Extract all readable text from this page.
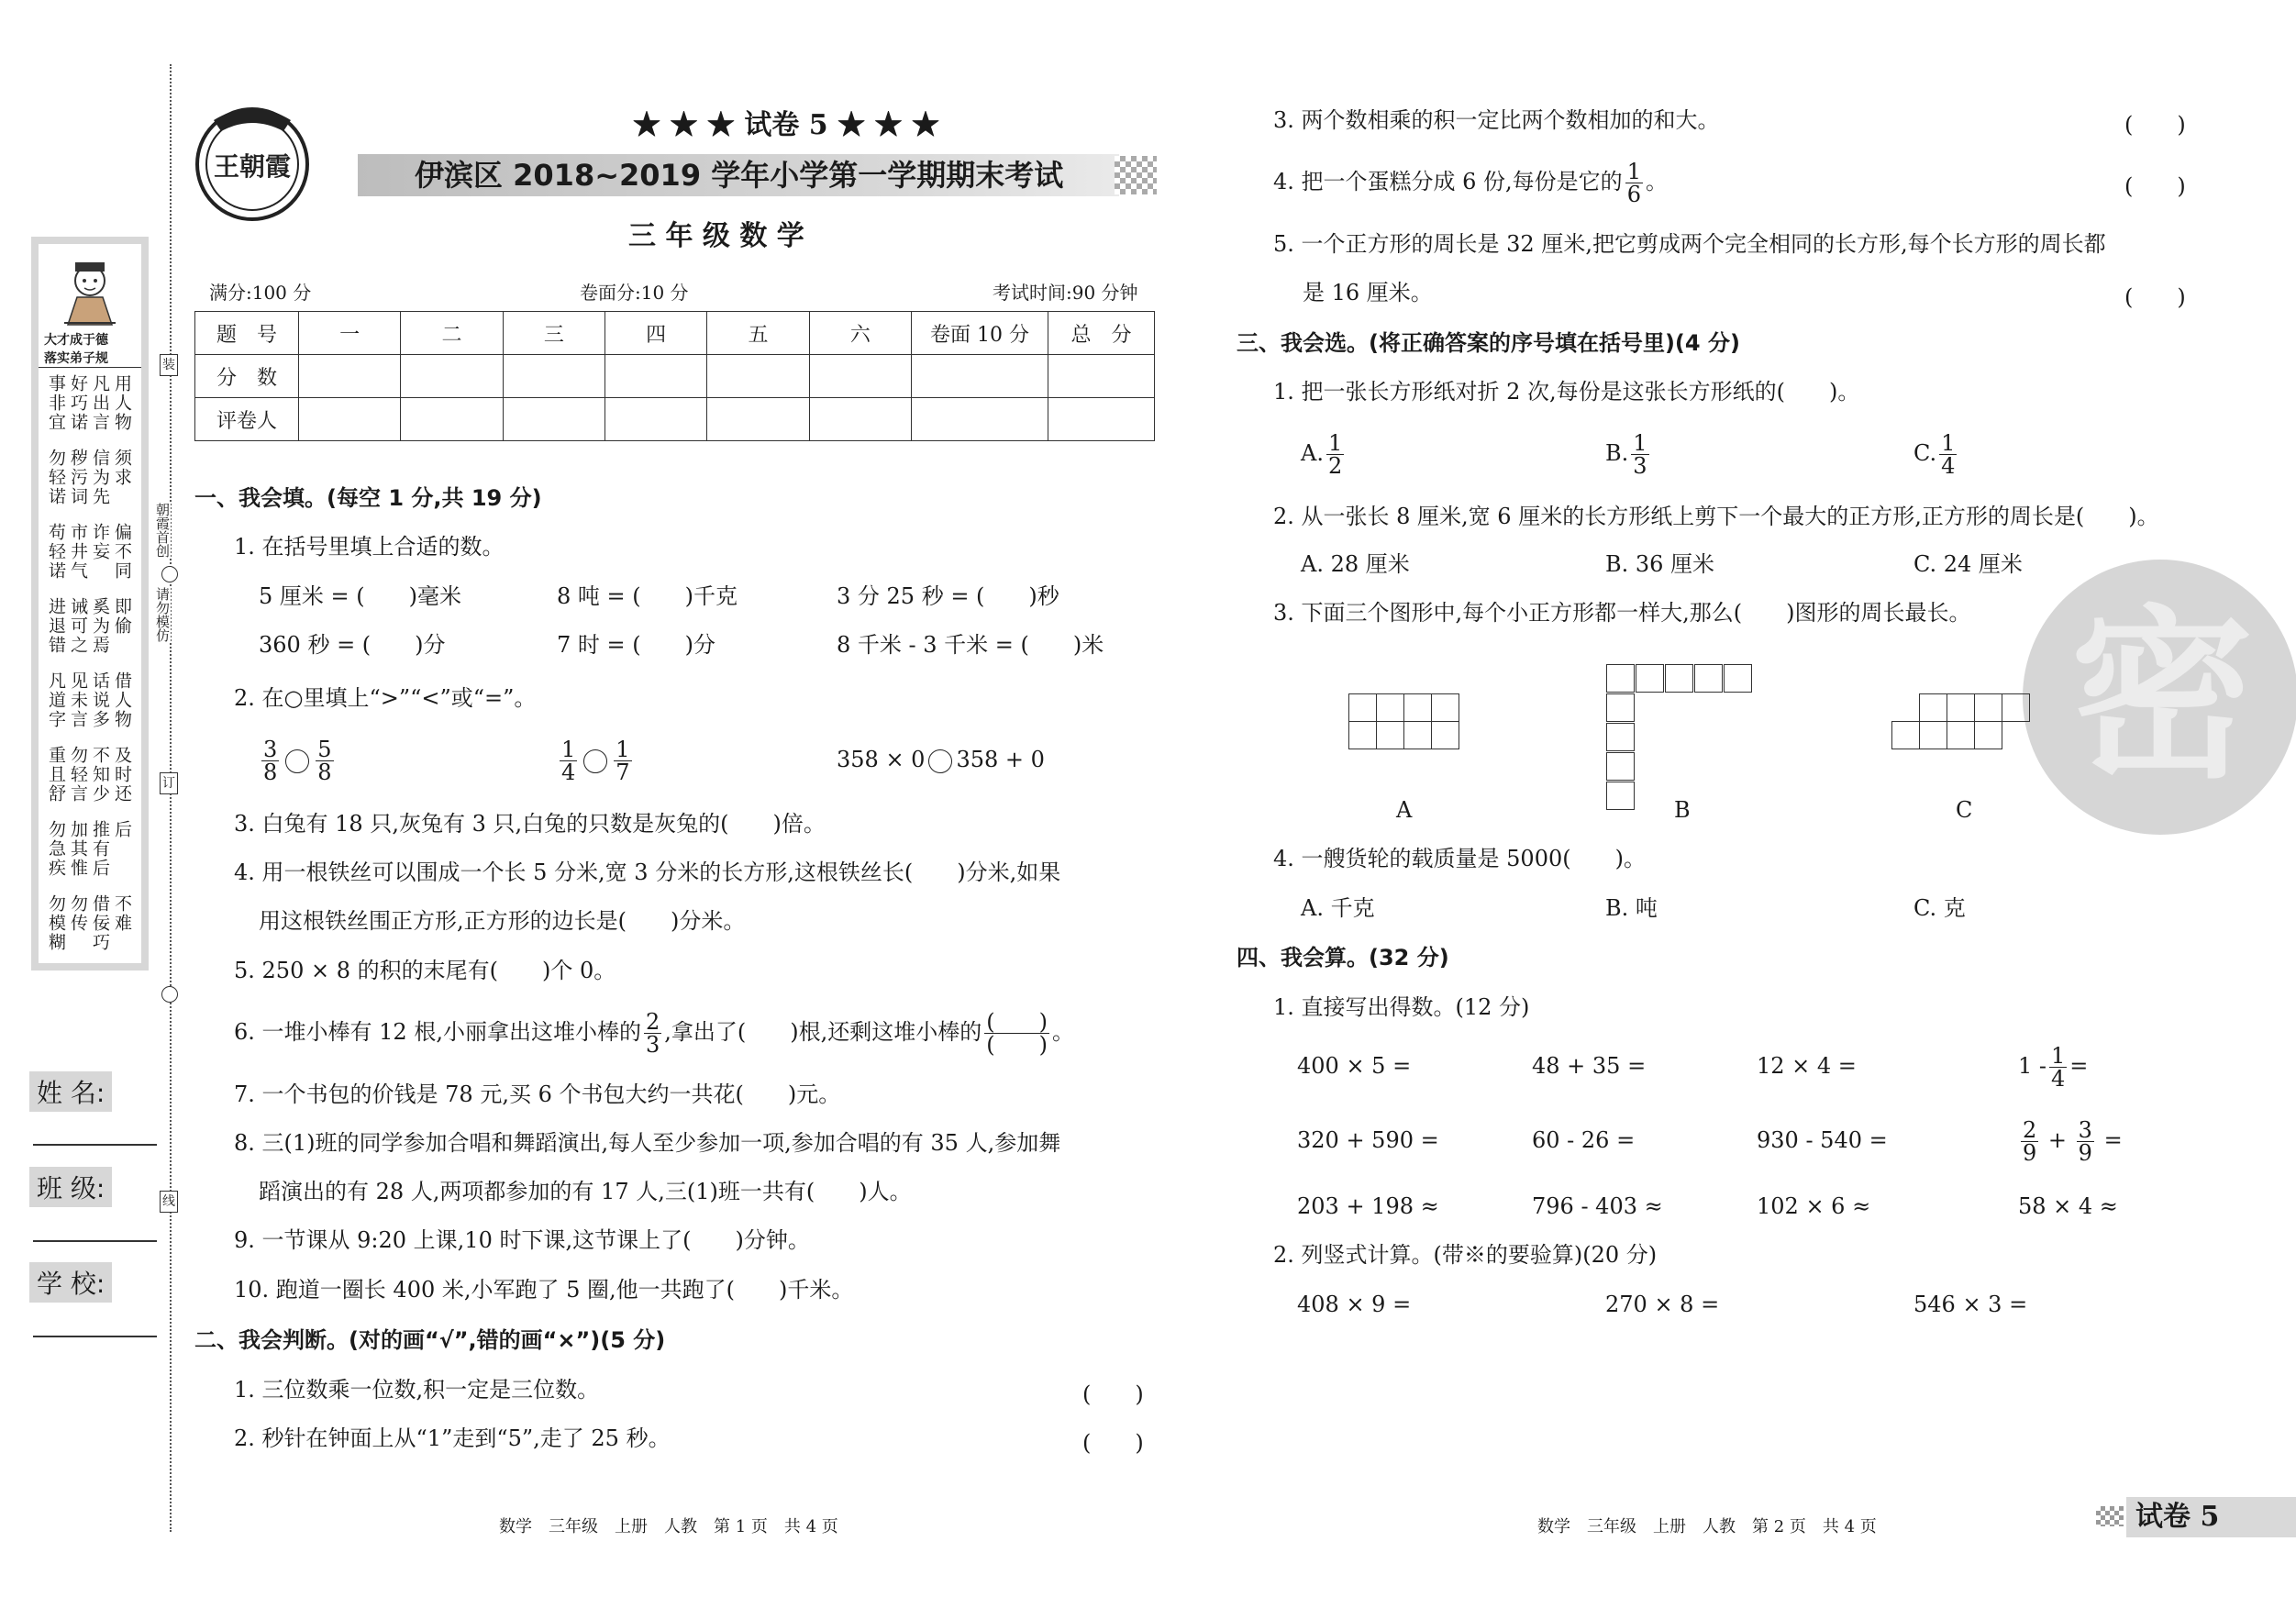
大才成于德
落实弟子规
事非宜 好巧诺 凡出言 用人物
勿轻诺 秽污词 信为先 须求
苟轻诺 市井气 诈妄 偏不同
进退错 诫可之 奚为焉 即偷
凡道字 见未言 话说多 借人物
重且舒 勿轻言 不知少 及时还
勿急疾 加其惟 推有后 后
勿模糊 勿传 借佞巧 不难
朝霞首创
请勿模仿
装
订
线
姓 名:
班 级:
学 校:
王朝霞
★ ★ ★ 试卷 5 ★ ★ ★
伊滨区 2018~2019 学年小学第一学期期末考试
三 年 级 数 学
满分:100 分	卷面分:10 分	考试时间:90 分钟
题　号	一	二	三	四	五	六	卷面 10 分	总　分
分　数								
评卷人								
一、我会填。(每空 1 分,共 19 分)
1. 在括号里填上合适的数。
5 厘米 = (　　)毫米	8 吨 = (　　)千克	3 分 25 秒 = (　　)秒
360 秒 = (　　)分	7 时 = (　　)分	8 千米 - 3 千米 = (　　)米
2. 在○里填上“>”“<”或“=”。
$\frac{3}{8} \frac{5}{8}$	$\frac{1}{4} \frac{1}{7}$	358 × 0 358 + 0
3. 白兔有 18 只,灰兔有 3 只,白兔的只数是灰兔的(　　)倍。
4. 用一根铁丝可以围成一个长 5 分米,宽 3 分米的长方形,这根铁丝长(　　)分米,如果
用这根铁丝围正方形,正方形的边长是(　　)分米。
5. 250 × 8 的积的末尾有(　　)个 0。
6. 一堆小棒有 12 根,小丽拿出这堆小棒的 $\frac{2}{3}$ ,拿出了(　　)根,还剩这堆小棒的 $\frac{( )}{( )}$ 。
7. 一个书包的价钱是 78 元,买 6 个书包大约一共花(　　)元。
8. 三(1)班的同学参加合唱和舞蹈演出,每人至少参加一项,参加合唱的有 35 人,参加舞
蹈演出的有 28 人,两项都参加的有 17 人,三(1)班一共有(　　)人。
9. 一节课从 9:20 上课,10 时下课,这节课上了(　　)分钟。
10. 跑道一圈长 400 米,小军跑了 5 圈,他一共跑了(　　)千米。
二、我会判断。(对的画“√”,错的画“×”)(5 分)
1. 三位数乘一位数,积一定是三位数。	(　　)
2. 秒针在钟面上从“1”走到“5”,走了 25 秒。	(　　)
数学　三年级　上册　人教　第 1 页　共 4 页
密
3. 两个数相乘的积一定比两个数相加的和大。	(　　)
4. 把一个蛋糕分成 6 份,每份是它的 $\frac{1}{6}$ 。	(　　)
5. 一个正方形的周长是 32 厘米,把它剪成两个完全相同的长方形,每个长方形的周长都
是 16 厘米。	(　　)
三、我会选。(将正确答案的序号填在括号里)(4 分)
1. 把一张长方形纸对折 2 次,每份是这张长方形纸的(　　)。
A. $\frac{1}{2}$	B. $\frac{1}{3}$	C. $\frac{1}{4}$
2. 从一张长 8 厘米,宽 6 厘米的长方形纸上剪下一个最大的正方形,正方形的周长是(　　)。
A. 28 厘米	B. 36 厘米	C. 24 厘米
3. 下面三个图形中,每个小正方形都一样大,那么(　　)图形的周长最长。
A	B	C
4. 一艘货轮的载质量是 5000(　　)。
A. 千克	B. 吨	C. 克
四、我会算。(32 分)
1. 直接写出得数。(12 分)
400 × 5 =	48 + 35 =	12 × 4 =	$1 - \frac{1}{4}$ =
320 + 590 =	60 - 26 =	930 - 540 =	$\frac{2}{9} + \frac{3}{9}$ =
203 + 198 ≈	796 - 403 ≈	102 × 6 ≈	58 × 4 ≈
2. 列竖式计算。(带※的要验算)(20 分)
408 × 9 =	270 × 8 =	546 × 3 =
数学　三年级　上册　人教　第 2 页　共 4 页	试卷 5
